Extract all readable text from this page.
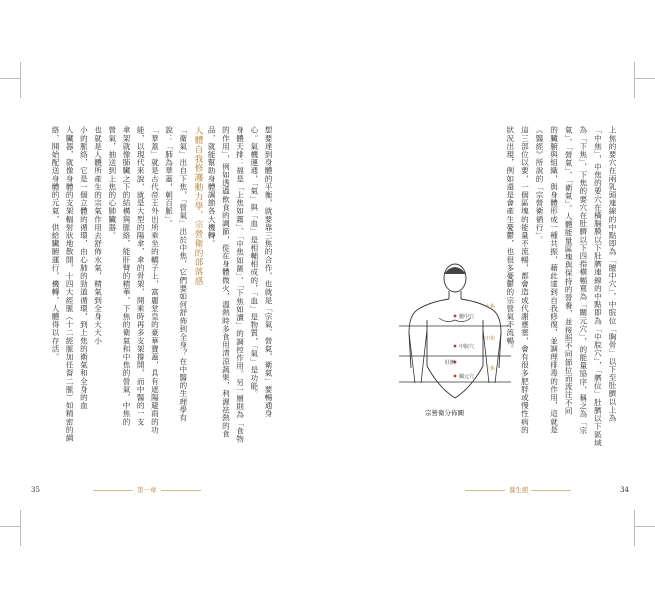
想要達到身體的平衡，就要靠三焦的合作，也就是「宗氣、營氣、衛氣」要暢通身
心。氣機運通，「氣」與「血」是相輔相成的，「血」是物質，「氣」是功能。
身體天排：福是「上焦如霧」、「中焦如漚」、「下焦如瀆」的調控作用。另一層則為「食物
的作用」，例如透過飲食的調節，從在身體微火，溫熱時多食用清涼蔬果，利濕祛熱的食
品，就能幫助身體調節各大機轉。
人體自我修護動力學，宗營衛的部落感
「衛氣」出自下焦，「營氣」出於中焦，它們要如何舒佈到全身？在中醫的生理學有
說：「肺為華蓋，朝百脈」。
「華蓋」就是古代帝王外出所乘坐的轎子上，富麗堂皇的豪華寶蓋，具有遮陽避雨的功
能，以現代來說，就是大型的陽傘，傘的骨架，開乘時再多支架撐開，而中醫的一支
傘架就像肺臟之下的結構與脈絡，能肝臂的精華，下焦的衛氣和中焦的營氣，中焦的
營氣，抽送到上焦的心肺臟器。
也就是人體所產生的宗氣作用去舒佈水氣，精氣到全身大大小
小的脈絡，它是一個立體的循環，由心肺的勁道循環，到上焦的衛氣和全身的血
人臟器，就像身體的支架輻射狀地散開，十四大經脈（十二經脈加任督二脈）如精密的網
絡，開始配送身體的元氣，供給臟腑運行，機轉，人體得以存活。
35	第一章
上焦的要穴在兩乳頭連線的中點即為「膻中穴」，中脘位「胸骨」以下至肚臍以上為
「中焦」，中焦的要穴在橫膈膜以下肚臍連線的中點即為「中脘穴」，「臍位」肚臍以下區域
為「下焦」，下焦的要穴在肚臍以下四指橫幅寬為「關元穴」，的能量協序，稱之為「宗
氣」、「營氣」、「衛氣」。人體能量區塊與保持的營養，並接照不同節位而流注不同
的臟腑與組織，與身體形成一種共振，藉此達到自我修復，並調理排毒的作用，這就是
《醫經》所說的「宗營衛循行」。
這三部位以要，一個區塊的能量不流暢，都會造成代謝壅塞，會有很多肥胖或慢性病的
狀況出現，例如還是會產生憂鬱，也很多憂鬱的宗營氣不流暢。
膻中穴
上焦
中脘穴
中焦
肚臍
關元穴
下焦
宗營衛分佈圖
養生館	34
